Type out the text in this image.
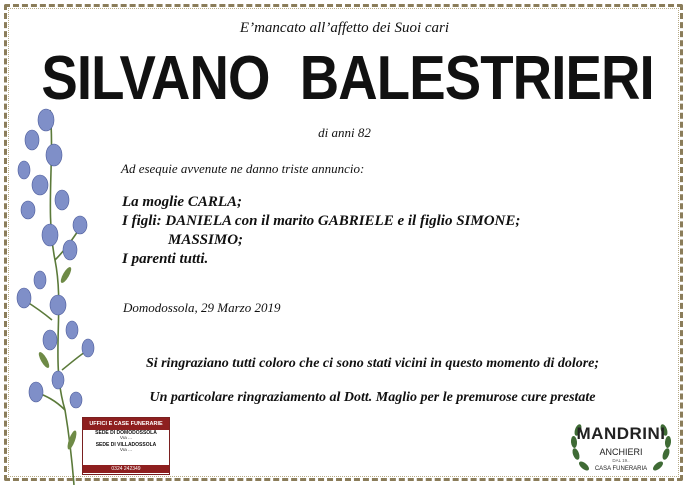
E’mancato all’affetto dei Suoi cari
SILVANO BALESTRIERI
di anni 82
Ad esequie avvenute ne danno triste annuncio:
La moglie CARLA;
I figli: DANIELA con il marito GABRIELE e il figlio SIMONE;
MASSIMO;
I parenti tutti.
Domodossola, 29 Marzo 2019
Si ringraziano tutti coloro che ci sono stati vicini in questo momento di dolore;
Un particolare ringraziamento al Dott. Maglio per le premurose cure prestate
UFFICI E CASE FUNERARIE
SEDE DI DOMODOSSOLA
Via ...
SEDE DI VILLADOSSOLA
Via ...
0324 242349
MANDRINI
ANCHIERI
DAL 19..
CASA FUNERARIA
